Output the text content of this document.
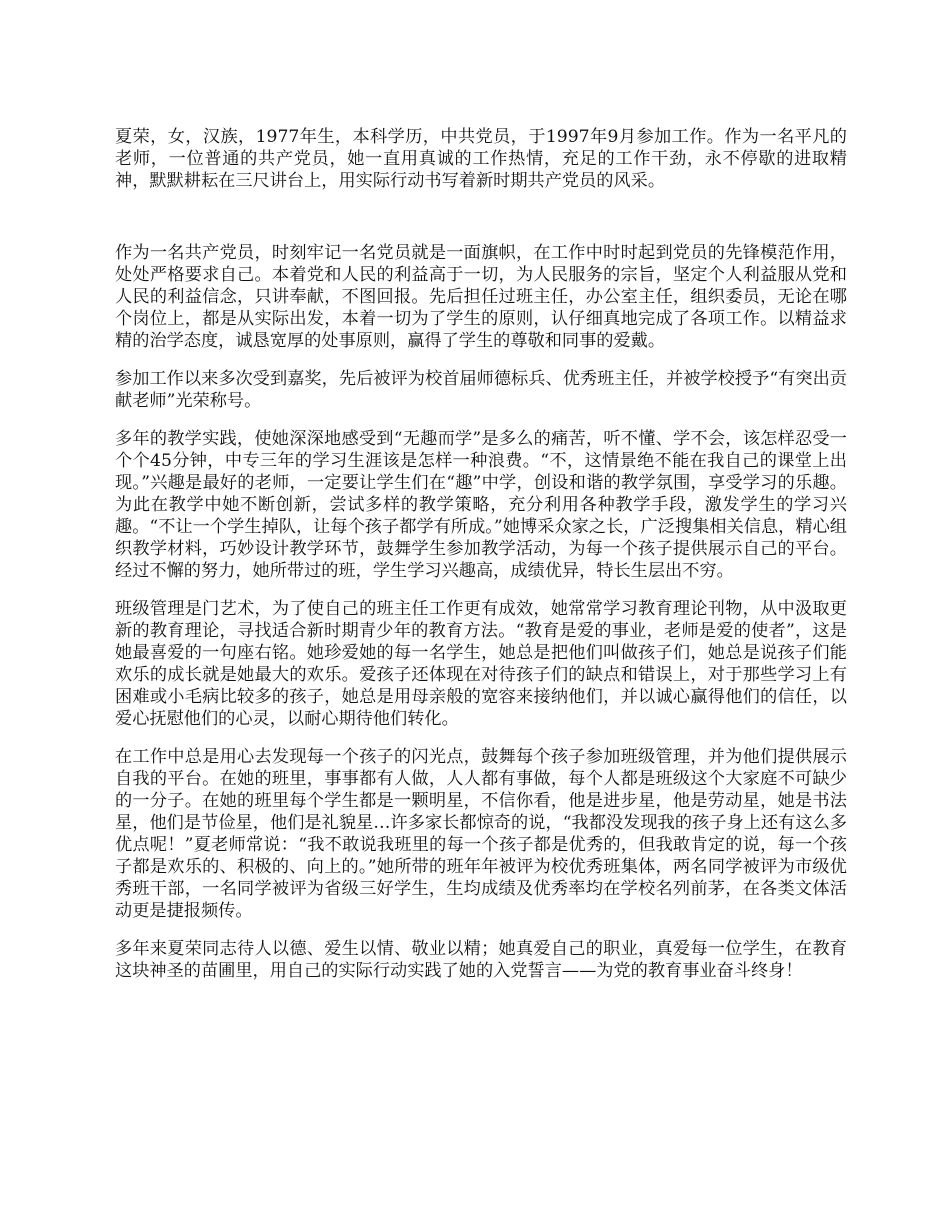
夏荣，女，汉族，1977年生，本科学历，中共党员，于1997年9月参加工作。作为一名平凡的老师，一位普通的共产党员，她一直用真诚的工作热情，充足的工作干劲，永不停歇的进取精神，默默耕耘在三尺讲台上，用实际行动书写着新时期共产党员的风采。

作为一名共产党员，时刻牢记一名党员就是一面旗帜，在工作中时时起到党员的先锋模范作用，处处严格要求自己。本着党和人民的利益高于一切，为人民服务的宗旨，坚定个人利益服从党和人民的利益信念，只讲奉献，不图回报。先后担任过班主任，办公室主任，组织委员，无论在哪个岗位上，都是从实际出发，本着一切为了学生的原则，认仔细真地完成了各项工作。以精益求精的治学态度，诚恳宽厚的处事原则，赢得了学生的尊敬和同事的爱戴。

参加工作以来多次受到嘉奖，先后被评为校首届师德标兵、优秀班主任，并被学校授予“有突出贡献老师”光荣称号。

多年的教学实践，使她深深地感受到“无趣而学”是多么的痛苦，听不懂、学不会，该怎样忍受一个个45分钟，中专三年的学习生涯该是怎样一种浪费。“不，这情景绝不能在我自己的课堂上出现。”兴趣是最好的老师，一定要让学生们在“趣”中学，创设和谐的教学氛围，享受学习的乐趣。为此在教学中她不断创新，尝试多样的教学策略，充分利用各种教学手段，激发学生的学习兴趣。“不让一个学生掉队，让每个孩子都学有所成。”她博采众家之长，广泛搜集相关信息，精心组织教学材料，巧妙设计教学环节，鼓舞学生参加教学活动，为每一个孩子提供展示自己的平台。经过不懈的努力，她所带过的班，学生学习兴趣高，成绩优异，特长生层出不穷。

班级管理是门艺术，为了使自己的班主任工作更有成效，她常常学习教育理论刊物，从中汲取更新的教育理论，寻找适合新时期青少年的教育方法。“教育是爱的事业，老师是爱的使者”，这是她最喜爱的一句座右铭。她珍爱她的每一名学生，她总是把他们叫做孩子们，她总是说孩子们能欢乐的成长就是她最大的欢乐。爱孩子还体现在对待孩子们的缺点和错误上，对于那些学习上有困难或小毛病比较多的孩子，她总是用母亲般的宽容来接纳他们，并以诚心赢得他们的信任，以爱心抚慰他们的心灵，以耐心期待他们转化。

在工作中总是用心去发现每一个孩子的闪光点，鼓舞每个孩子参加班级管理，并为他们提供展示自我的平台。在她的班里，事事都有人做，人人都有事做，每个人都是班级这个大家庭不可缺少的一分子。在她的班里每个学生都是一颗明星，不信你看，他是进步星，他是劳动星，她是书法星，他们是节俭星，他们是礼貌星…许多家长都惊奇的说，“我都没发现我的孩子身上还有这么多优点呢！”夏老师常说：“我不敢说我班里的每一个孩子都是优秀的，但我敢肯定的说，每一个孩子都是欢乐的、积极的、向上的。”她所带的班年年被评为校优秀班集体，两名同学被评为市级优秀班干部，一名同学被评为省级三好学生，生均成绩及优秀率均在学校名列前茅，在各类文体活动更是捷报频传。

多年来夏荣同志待人以德、爱生以情、敬业以精；她真爱自己的职业，真爱每一位学生，在教育这块神圣的苗圃里，用自己的实际行动实践了她的入党誓言——为党的教育事业奋斗终身！
